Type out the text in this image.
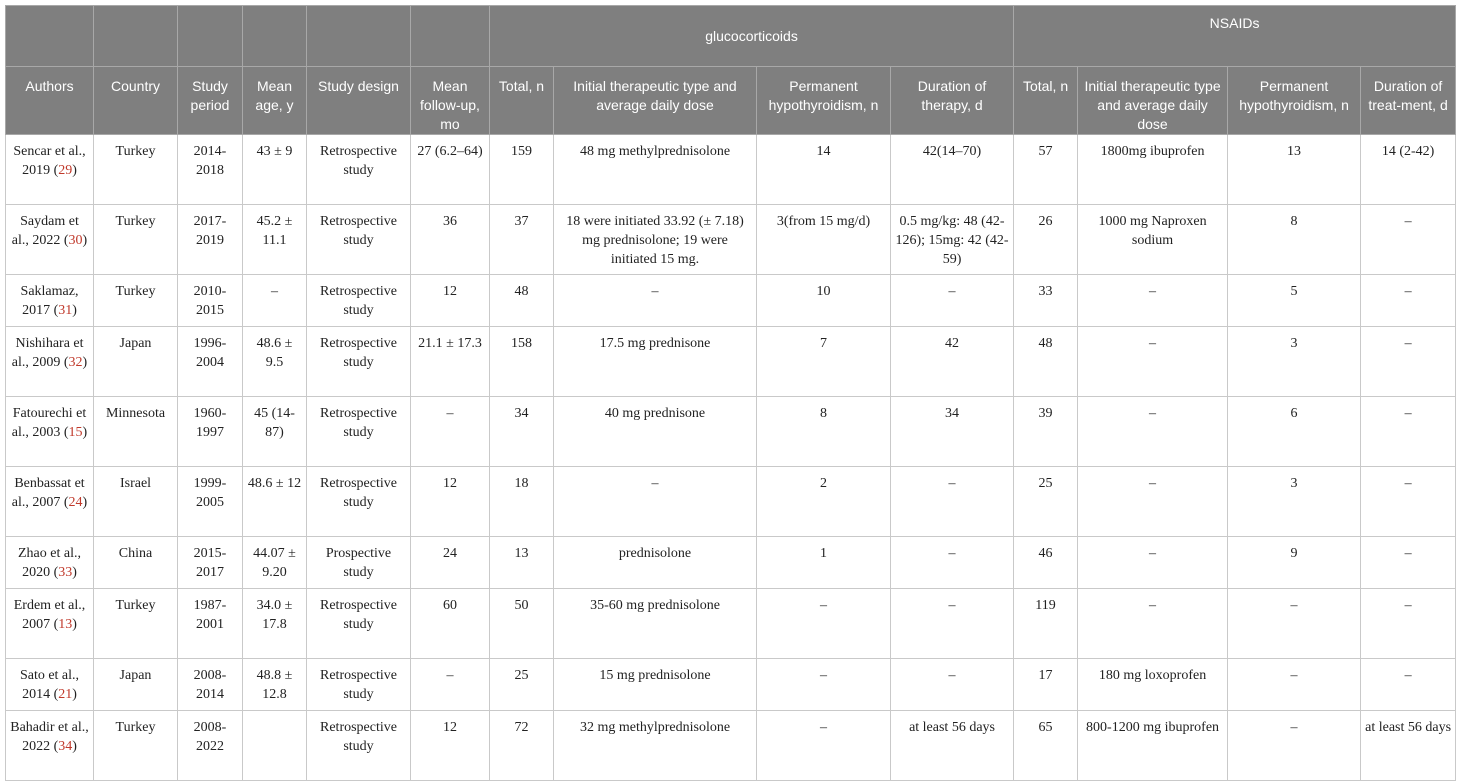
						glucocorticoids				NSAIDs			
Authors	Country	Study period	Mean age, y	Study design	Mean follow-up, mo	Total, n	Initial therapeutic type and average daily dose	Permanent hypothyroidism, n	Duration of therapy, d	Total, n	Initial therapeutic type and average daily dose	Permanent hypothyroidism, n	Duration of treat-ment, d
Sencar et al., 2019 (29)	Turkey	2014-2018	43 ± 9	Retrospective study	27 (6.2–64)	159	48 mg methylprednisolone	14	42(14–70)	57	1800mg ibuprofen	13	14 (2-42)
Saydam et al., 2022 (30)	Turkey	2017-2019	45.2 ± 11.1	Retrospective study	36	37	18 were initiated 33.92 (± 7.18) mg prednisolone; 19 were initiated 15 mg.	3(from 15 mg/d)	0.5 mg/kg: 48 (42-126); 15mg: 42 (42-59)	26	1000 mg Naproxen sodium	8	–
Saklamaz, 2017 (31)	Turkey	2010-2015	–	Retrospective study	12	48	–	10	–	33	–	5	–
Nishihara et al., 2009 (32)	Japan	1996-2004	48.6 ± 9.5	Retrospective study	21.1 ± 17.3	158	17.5 mg prednisone	7	42	48	–	3	–
Fatourechi et al., 2003 (15)	Minnesota	1960-1997	45 (14-87)	Retrospective study	–	34	40 mg prednisone	8	34	39	–	6	–
Benbassat et al., 2007 (24)	Israel	1999-2005	48.6 ± 12	Retrospective study	12	18	–	2	–	25	–	3	–
Zhao et al., 2020 (33)	China	2015-2017	44.07 ± 9.20	Prospective study	24	13	prednisolone	1	–	46	–	9	–
Erdem et al., 2007 (13)	Turkey	1987-2001	34.0 ± 17.8	Retrospective study	60	50	35-60 mg prednisolone	–	–	119	–	–	–
Sato et al., 2014 (21)	Japan	2008-2014	48.8 ± 12.8	Retrospective study	–	25	15 mg prednisolone	–	–	17	180 mg loxoprofen	–	–
Bahadir et al., 2022 (34)	Turkey	2008-2022		Retrospective study	12	72	32 mg methylprednisolone	–	at least 56 days	65	800-1200 mg ibuprofen	–	at least 56 days
